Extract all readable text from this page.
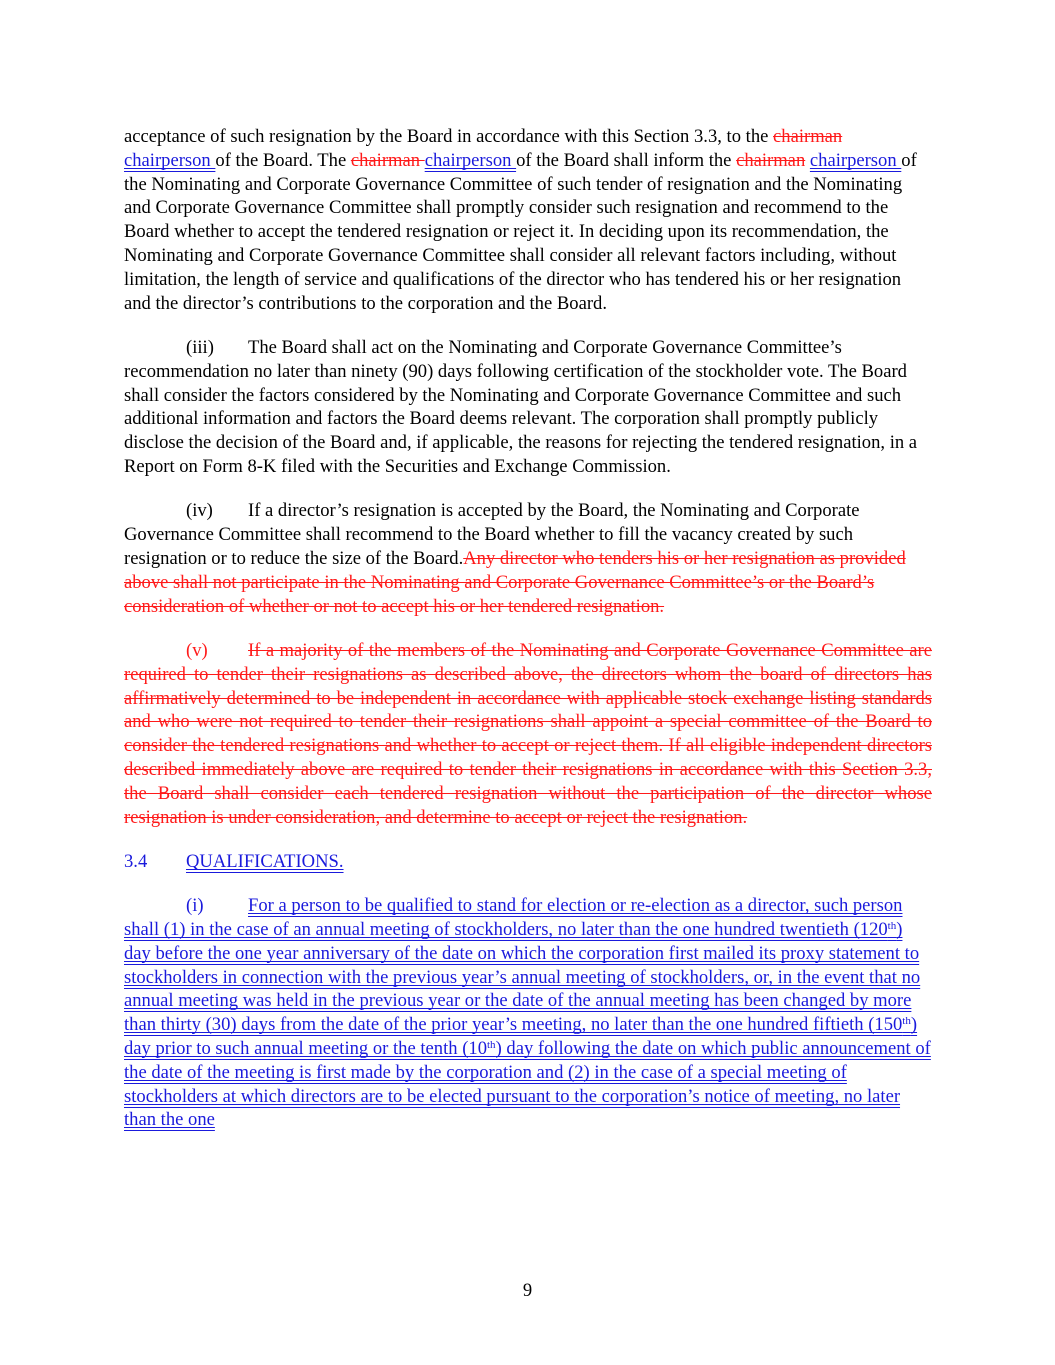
acceptance of such resignation by the Board in accordance with this Section 3.3, to the chairman chairperson of the Board. The chairman chairperson of the Board shall inform the chairman chairperson of the Nominating and Corporate Governance Committee of such tender of resignation and the Nominating and Corporate Governance Committee shall promptly consider such resignation and recommend to the Board whether to accept the tendered resignation or reject it. In deciding upon its recommendation, the Nominating and Corporate Governance Committee shall consider all relevant factors including, without limitation, the length of service and qualifications of the director who has tendered his or her resignation and the director’s contributions to the corporation and the Board.

(iii) The Board shall act on the Nominating and Corporate Governance Committee’s recommendation no later than ninety (90) days following certification of the stockholder vote. The Board shall consider the factors considered by the Nominating and Corporate Governance Committee and such additional information and factors the Board deems relevant. The corporation shall promptly publicly disclose the decision of the Board and, if applicable, the reasons for rejecting the tendered resignation, in a Report on Form 8-K filed with the Securities and Exchange Commission.

(iv) If a director’s resignation is accepted by the Board, the Nominating and Corporate Governance Committee shall recommend to the Board whether to fill the vacancy created by such resignation or to reduce the size of the Board.Any director who tenders his or her resignation as provided above shall not participate in the Nominating and Corporate Governance Committee’s or the Board’s consideration of whether or not to accept his or her tendered resignation.

(v) If a majority of the members of the Nominating and Corporate Governance Committee are required to tender their resignations as described above, the directors whom the board of directors has affirmatively determined to be independent in accordance with applicable stock exchange listing standards and who were not required to tender their resignations shall appoint a special committee of the Board to consider the tendered resignations and whether to accept or reject them. If all eligible independent directors described immediately above are required to tender their resignations in accordance with this Section 3.3, the Board shall consider each tendered resignation without the participation of the director whose resignation is under consideration, and determine to accept or reject the resignation.

3.4 QUALIFICATIONS.

(i) For a person to be qualified to stand for election or re-election as a director, such person shall (1) in the case of an annual meeting of stockholders, no later than the one hundred twentieth (120th) day before the one year anniversary of the date on which the corporation first mailed its proxy statement to stockholders in connection with the previous year’s annual meeting of stockholders, or, in the event that no annual meeting was held in the previous year or the date of the annual meeting has been changed by more than thirty (30) days from the date of the prior year’s meeting, no later than the one hundred fiftieth (150th) day prior to such annual meeting or the tenth (10th) day following the date on which public announcement of the date of the meeting is first made by the corporation and (2) in the case of a special meeting of stockholders at which directors are to be elected pursuant to the corporation’s notice of meeting, no later than the one

9
